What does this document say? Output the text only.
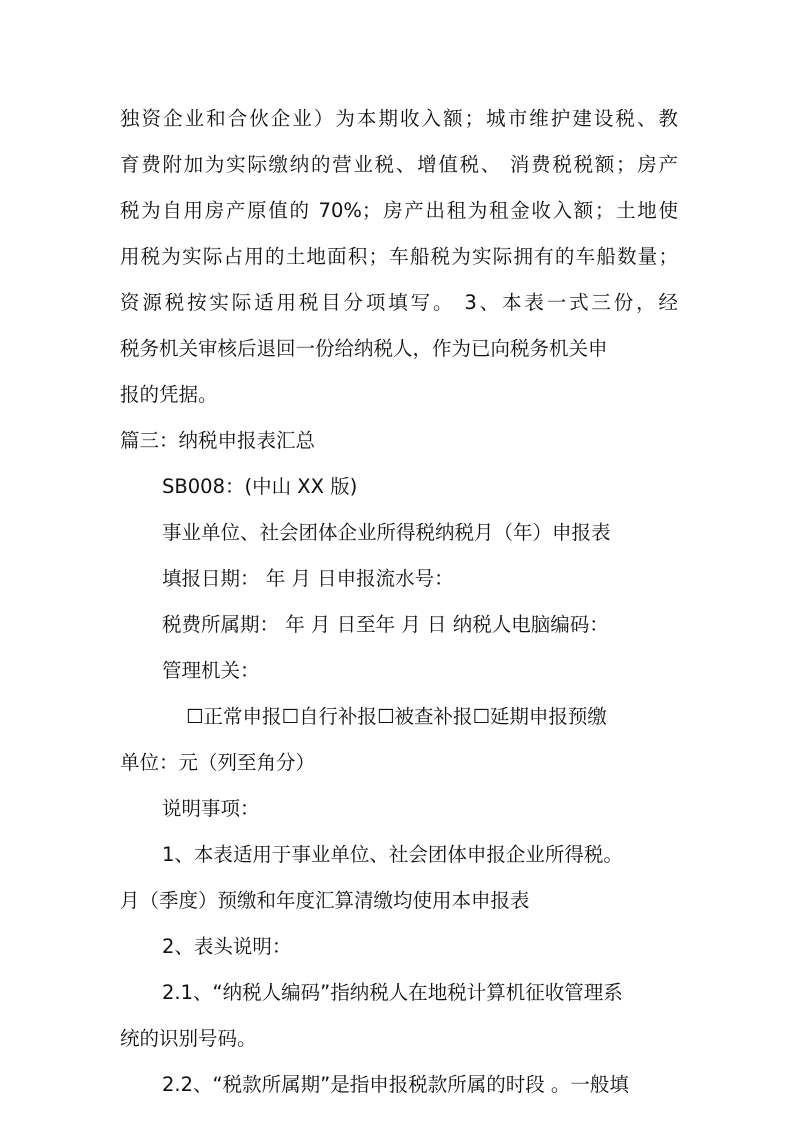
独资企业和合伙企业）为本期收入额；城市维护建设税、教
育费附加为实际缴纳的营业税、增值税、 消费税税额；房产
税为自用房产原值的 70%；房产出租为租金收入额；土地使
用税为实际占用的土地面积；车船税为实际拥有的车船数量；
资源税按实际适用税目分项填写。 3、本表一式三份，经
税务机关审核后退回一份给纳税人，作为已向税务机关申
报的凭据。
篇三：纳税申报表汇总
SB008：(中山 XX 版)
事业单位、社会团体企业所得税纳税月（年）申报表
填报日期： 年 月 日申报流水号：
税费所属期： 年 月 日至年 月 日 纳税人电脑编码：
管理机关：
☐正常申报☐自行补报☐被查补报☐延期申报预缴
单位：元（列至角分）
说明事项：
1、本表适用于事业单位、社会团体申报企业所得税。
月（季度）预缴和年度汇算清缴均使用本申报表
2、表头说明：
2.1、“纳税人编码”指纳税人在地税计算机征收管理系
统的识别号码。
2.2、“税款所属期”是指申报税款所属的时段 。一般填
